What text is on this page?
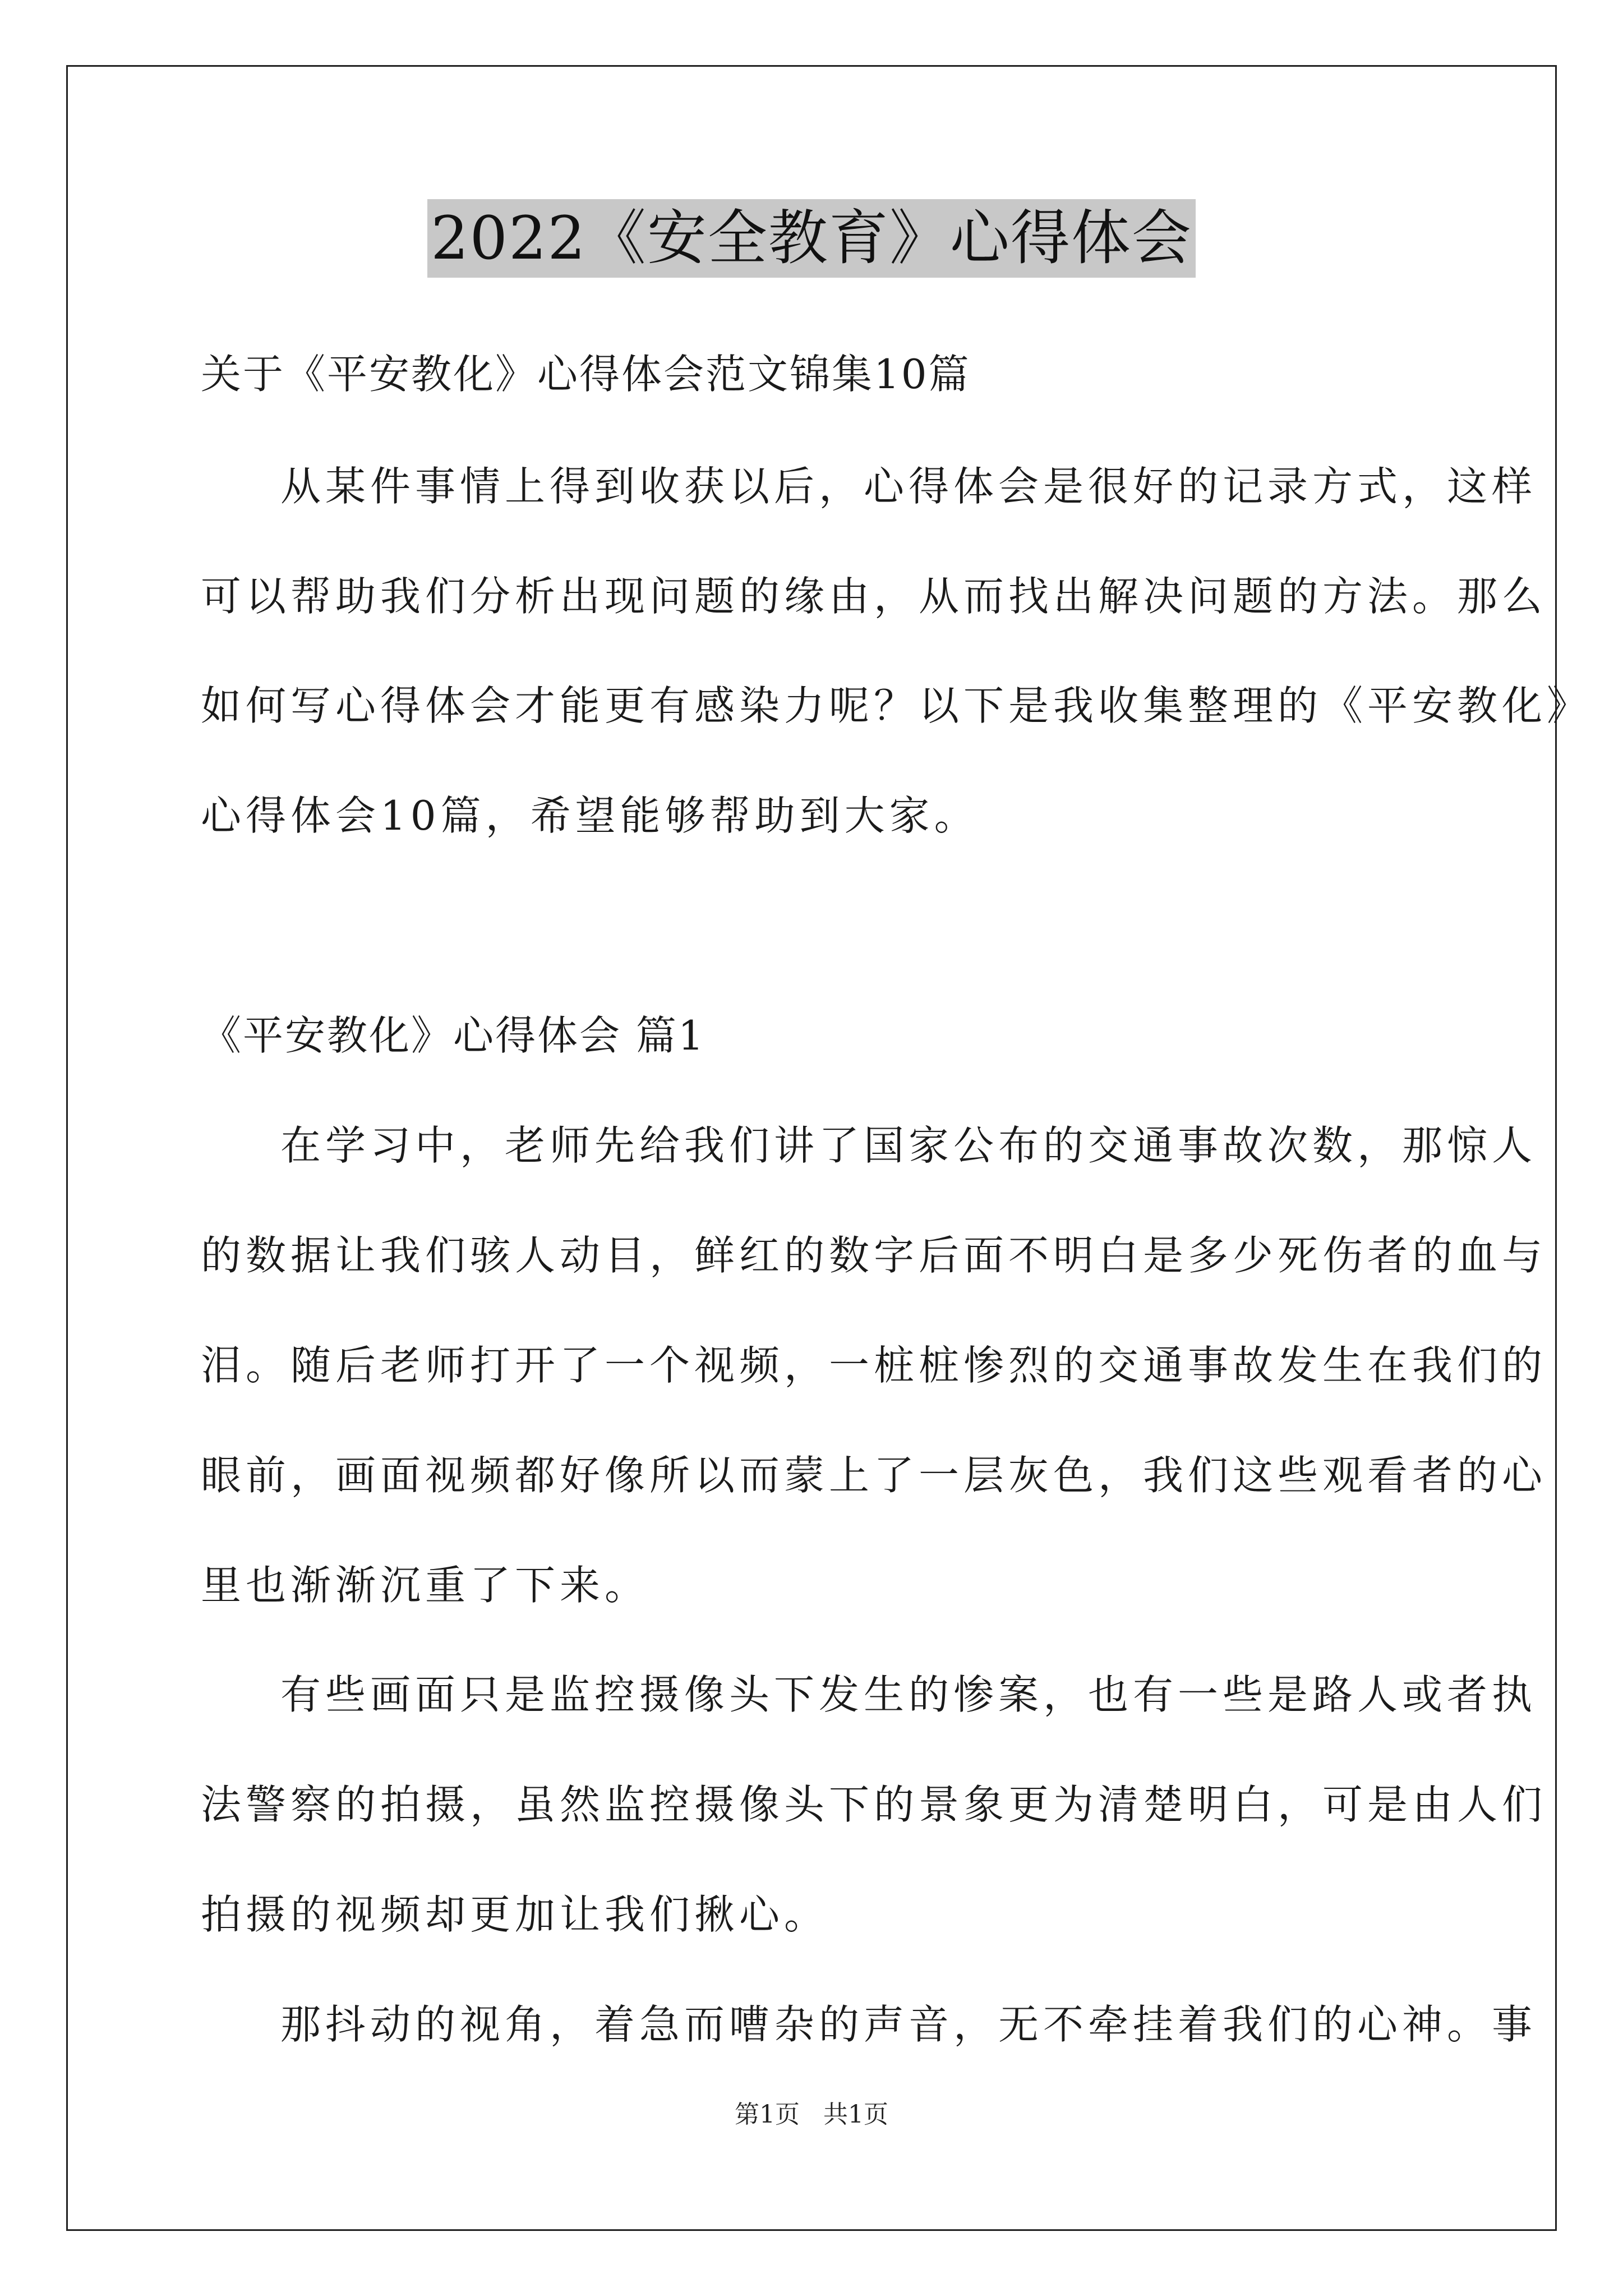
2022《安全教育》心得体会
关于《平安教化》心得体会范文锦集10篇
从某件事情上得到收获以后，心得体会是很好的记录方式，这样
可以帮助我们分析出现问题的缘由，从而找出解决问题的方法。那么
如何写心得体会才能更有感染力呢？以下是我收集整理的《平安教化》
心得体会10篇，希望能够帮助到大家。
《平安教化》心得体会 篇1
在学习中，老师先给我们讲了国家公布的交通事故次数，那惊人
的数据让我们骇人动目，鲜红的数字后面不明白是多少死伤者的血与
泪。随后老师打开了一个视频，一桩桩惨烈的交通事故发生在我们的
眼前，画面视频都好像所以而蒙上了一层灰色，我们这些观看者的心
里也渐渐沉重了下来。
有些画面只是监控摄像头下发生的惨案，也有一些是路人或者执
法警察的拍摄，虽然监控摄像头下的景象更为清楚明白，可是由人们
拍摄的视频却更加让我们揪心。
那抖动的视角，着急而嘈杂的声音，无不牵挂着我们的心神。事
第1页   共1页
